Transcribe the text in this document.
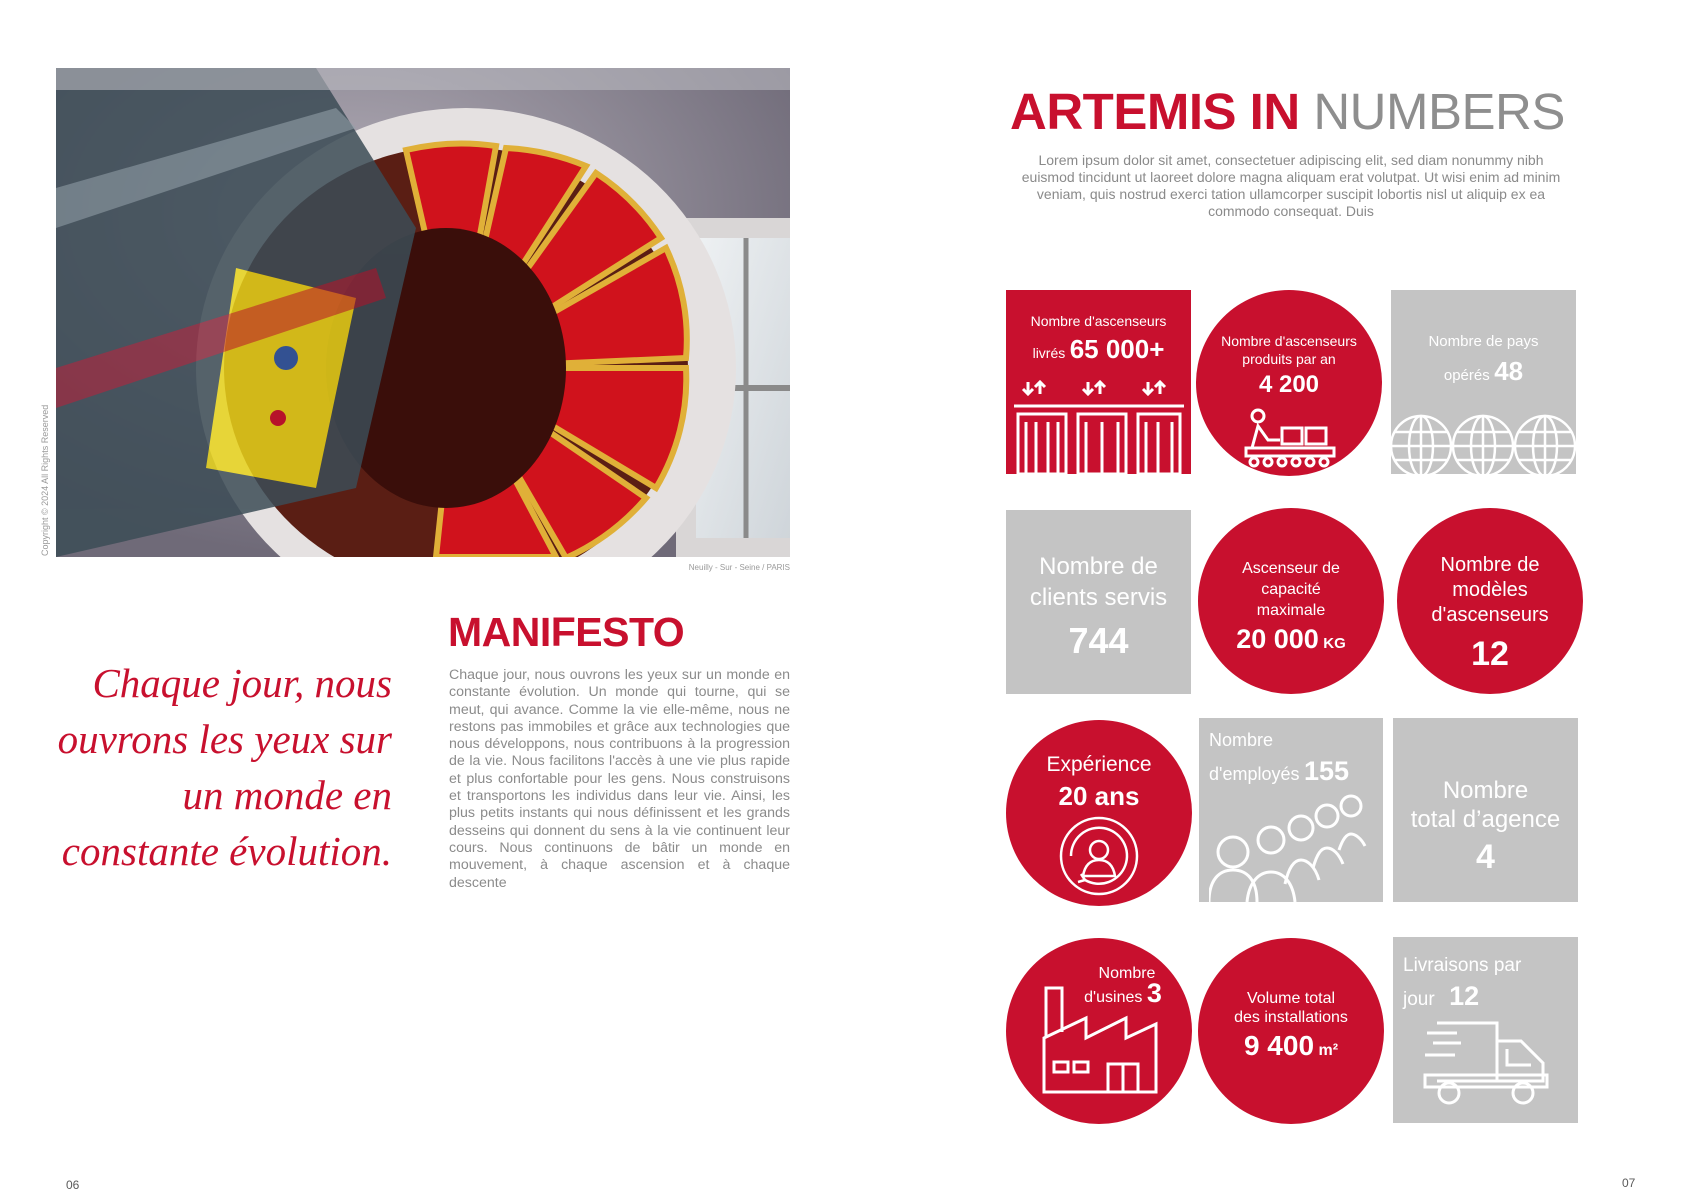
Copyright © 2024 All Rights Reserved
Neuilly - Sur - Seine / PARIS
Chaque jour, nous
ouvrons les yeux sur
un monde en
constante évolution.
MANIFESTO
Chaque jour, nous ouvrons les yeux sur un monde en constante évolution. Un monde qui tourne, qui se meut, qui avance. Comme la vie elle-même, nous ne restons pas immobiles et grâce aux technologies que nous développons, nous contribuons à la progression de la vie. Nous facilitons l'accès à une vie plus rapide et plus confortable pour les gens. Nous construisons et transportons les individus dans leur vie. Ainsi, les plus petits instants qui nous définissent et les grands desseins qui donnent du sens à la vie continuent leur cours. Nous continuons de bâtir un monde en mouvement, à chaque ascension et à chaque descente
06
ARTEMIS IN NUMBERS
Lorem ipsum dolor sit amet, consectetuer adipiscing elit, sed diam nonummy nibh euismod tincidunt ut laoreet dolore magna aliquam erat volutpat. Ut wisi enim ad minim veniam, quis nostrud exerci tation ullamcorper suscipit lobortis nisl ut aliquip ex ea commodo consequat. Duis
Nombre d'ascenseurs
livrés 65 000+	Nombre d'ascenseurs
produits par an
4 200
Nombre de pays
opérés 48
Nombre de
clients servis
744
Ascenseur de
capacité
maximale
20 000 KG
Nombre de
modèles
d'ascenseurs
12
Expérience
20 ans
Nombre
d'employés 155
Nombre
total d’agence
4
Nombre
d'usines 3	Volume total
des installations
9 400 m²
Livraisons par
jour 12
07
